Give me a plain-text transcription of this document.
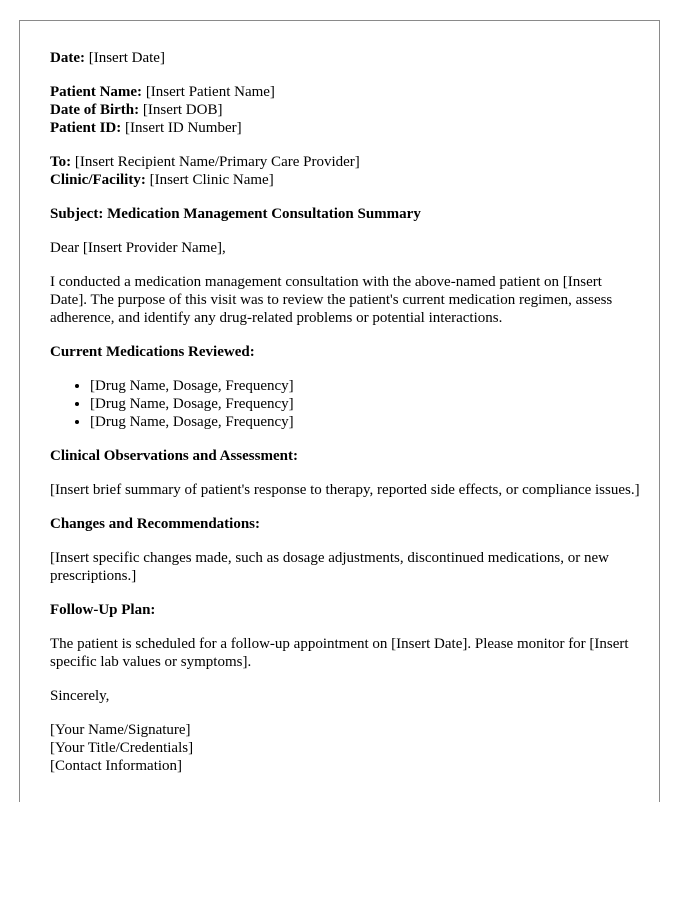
Date: [Insert Date]
Patient Name: [Insert Patient Name]
Date of Birth: [Insert DOB]
Patient ID: [Insert ID Number]
To: [Insert Recipient Name/Primary Care Provider]
Clinic/Facility: [Insert Clinic Name]
Subject: Medication Management Consultation Summary
Dear [Insert Provider Name],
I conducted a medication management consultation with the above-named patient on [Insert Date]. The purpose of this visit was to review the patient's current medication regimen, assess adherence, and identify any drug-related problems or potential interactions.
Current Medications Reviewed:
• [Drug Name, Dosage, Frequency]
• [Drug Name, Dosage, Frequency]
• [Drug Name, Dosage, Frequency]
Clinical Observations and Assessment:
[Insert brief summary of patient's response to therapy, reported side effects, or compliance issues.]
Changes and Recommendations:
[Insert specific changes made, such as dosage adjustments, discontinued medications, or new prescriptions.]
Follow-Up Plan:
The patient is scheduled for a follow-up appointment on [Insert Date]. Please monitor for [Insert specific lab values or symptoms].
Sincerely,
[Your Name/Signature]
[Your Title/Credentials]
[Contact Information]
